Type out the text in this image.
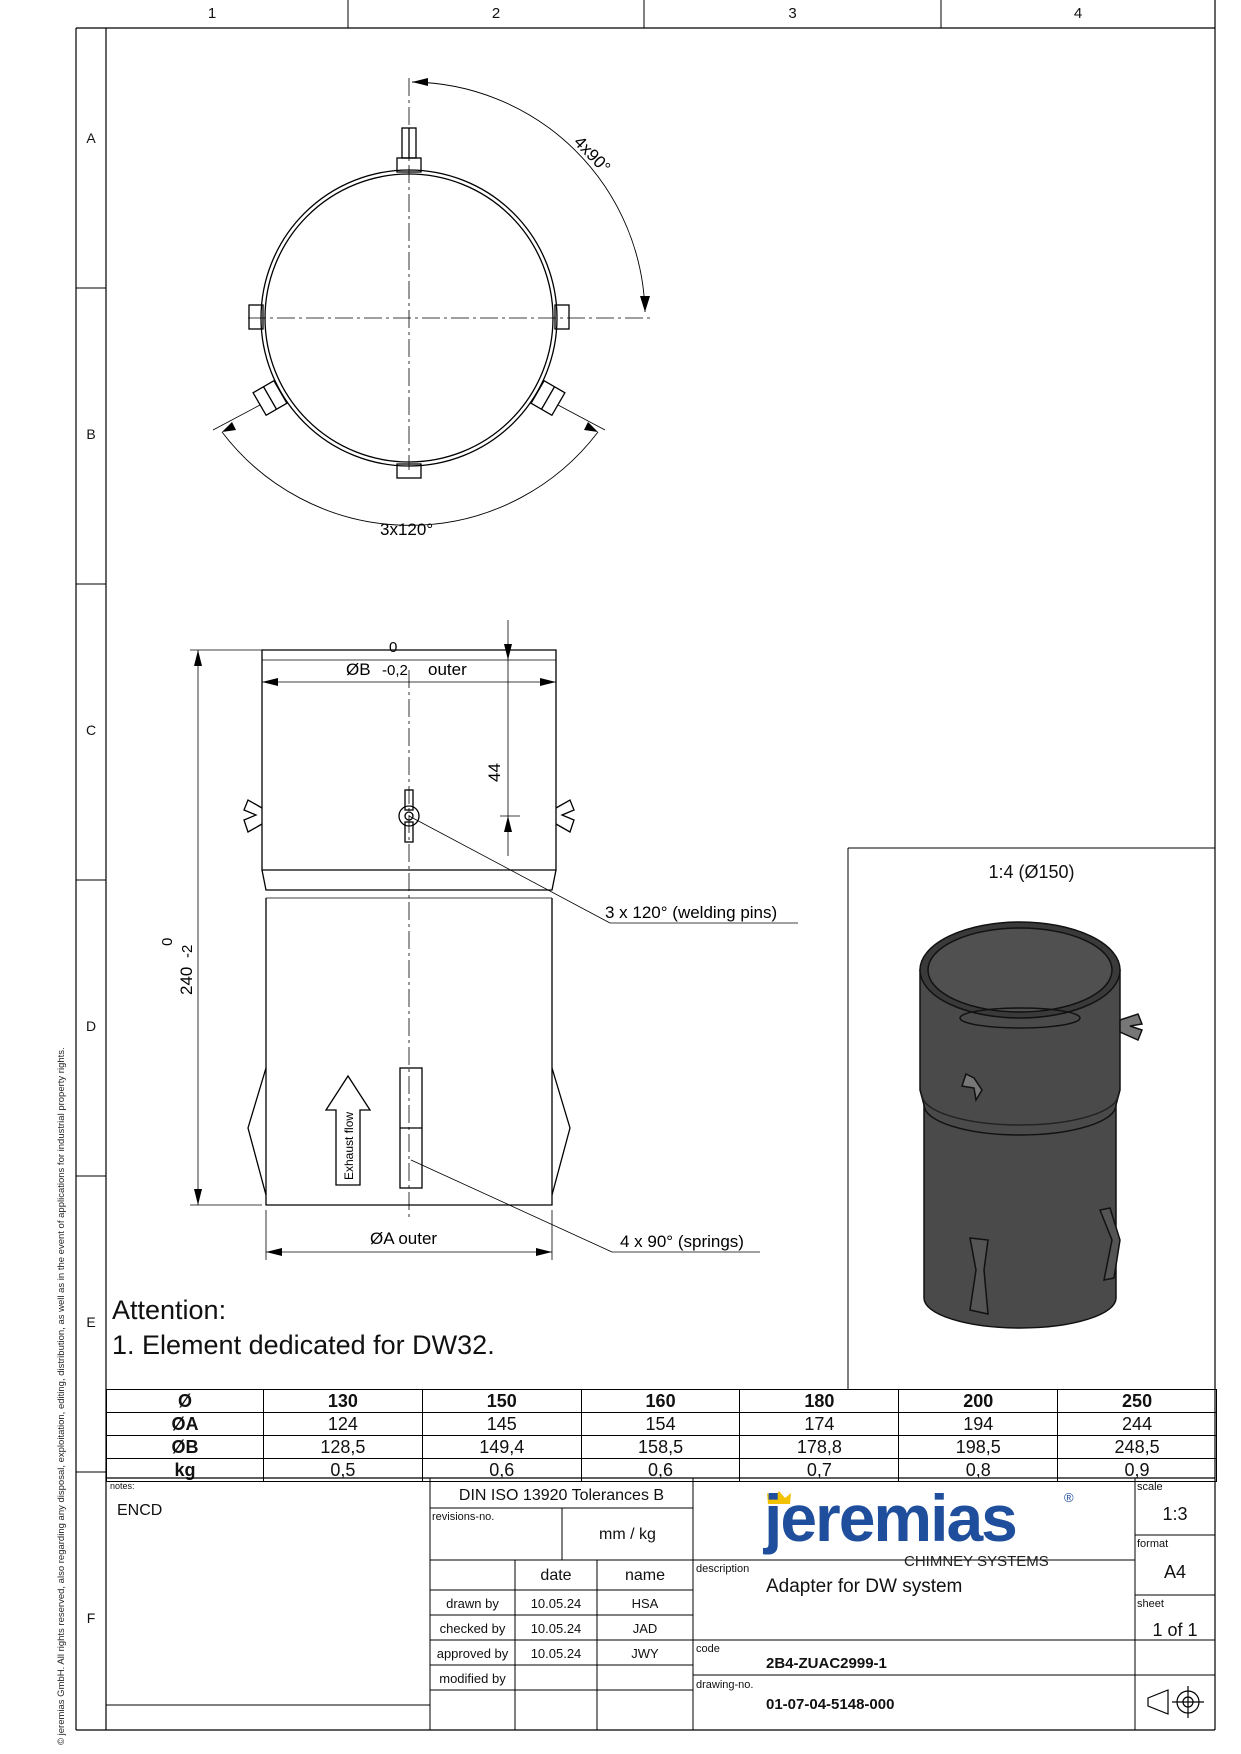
1	2	3	4
A
B
C
D
E
F
© jeremias GmbH. All rights reserved, also regarding any disposal, exploitation, editing, distribution, as well as in the event of applications for industrial property rights.
4x90°
3x120°
ØB
0
-0,2 outer
44
240
0
-2
3 x 120° (welding pins)
Exhaust flow
4 x 90° (springs)
ØA outer
1:4 (Ø150)
Attention:
1. Element dedicated for DW32.
Ø	130	150	160	180	200	250
ØA	124	145	154	174	194	244
ØB	128,5	149,4	158,5	178,8	198,5	248,5
kg	0,5	0,6	0,6	0,7	0,8	0,9
notes:
ENCD
DIN ISO 13920 Tolerances B
revisions-no.
mm / kg
date	name
drawn by	10.05.24	HSA
checked by	10.05.24	JAD
approved by	10.05.24	JWY
modified by
jeremias	®
CHIMNEY SYSTEMS
description
Adapter for DW system
code
2B4-ZUAC2999-1
drawing-no.
01-07-04-5148-000
scale
1:3
format
A4
sheet
1 of 1
